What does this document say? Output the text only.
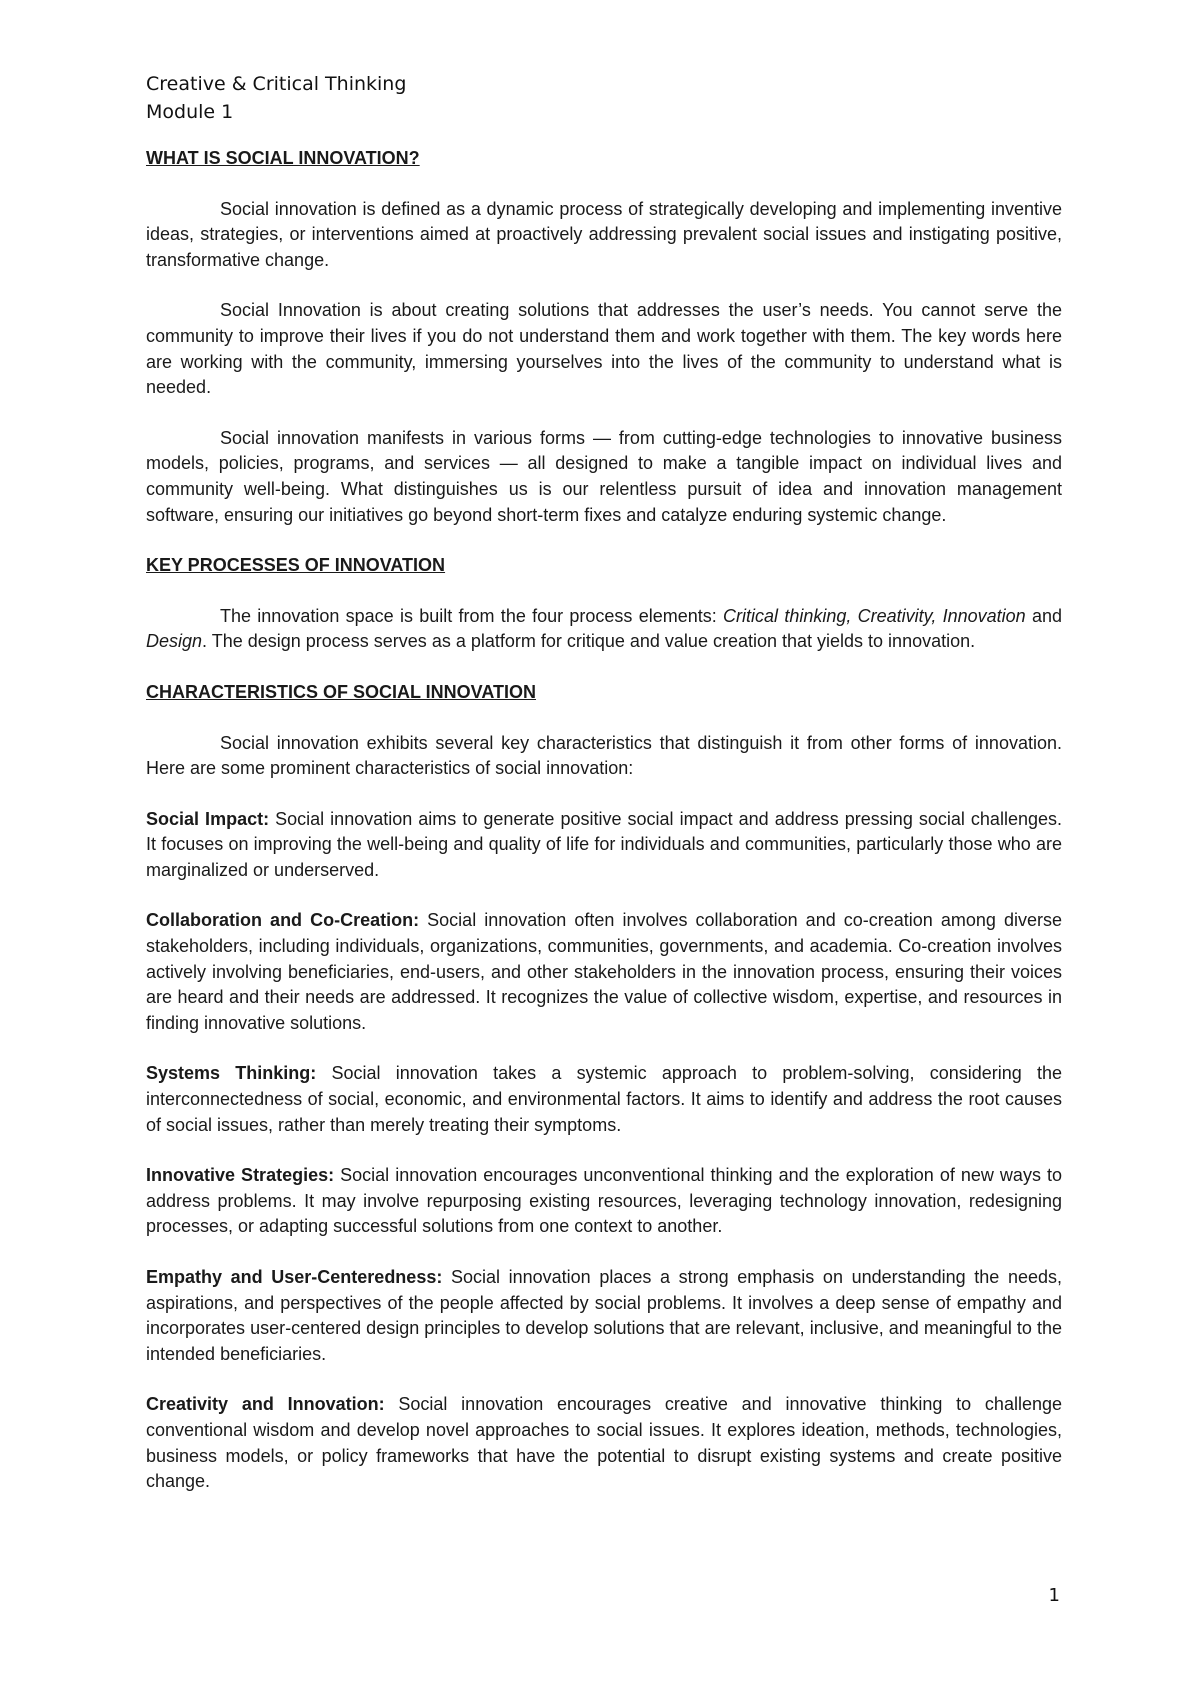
Creative & Critical Thinking
Module 1
WHAT IS SOCIAL INNOVATION?

Social innovation is defined as a dynamic process of strategically developing and implementing inventive ideas, strategies, or interventions aimed at proactively addressing prevalent social issues and instigating positive, transformative change.

Social Innovation is about creating solutions that addresses the user’s needs. You cannot serve the community to improve their lives if you do not understand them and work together with them. The key words here are working with the community, immersing yourselves into the lives of the community to understand what is needed.

Social innovation manifests in various forms — from cutting-edge technologies to innovative business models, policies, programs, and services — all designed to make a tangible impact on individual lives and community well-being. What distinguishes us is our relentless pursuit of idea and innovation management software, ensuring our initiatives go beyond short-term fixes and catalyze enduring systemic change.

KEY PROCESSES OF INNOVATION

The innovation space is built from the four process elements: Critical thinking, Creativity, Innovation and Design. The design process serves as a platform for critique and value creation that yields to innovation.

CHARACTERISTICS OF SOCIAL INNOVATION

Social innovation exhibits several key characteristics that distinguish it from other forms of innovation. Here are some prominent characteristics of social innovation:

Social Impact: Social innovation aims to generate positive social impact and address pressing social challenges. It focuses on improving the well-being and quality of life for individuals and communities, particularly those who are marginalized or underserved.

Collaboration and Co-Creation: Social innovation often involves collaboration and co-creation among diverse stakeholders, including individuals, organizations, communities, governments, and academia. Co-creation involves actively involving beneficiaries, end-users, and other stakeholders in the innovation process, ensuring their voices are heard and their needs are addressed. It recognizes the value of collective wisdom, expertise, and resources in finding innovative solutions.

Systems Thinking: Social innovation takes a systemic approach to problem-solving, considering the interconnectedness of social, economic, and environmental factors. It aims to identify and address the root causes of social issues, rather than merely treating their symptoms.

Innovative Strategies: Social innovation encourages unconventional thinking and the exploration of new ways to address problems. It may involve repurposing existing resources, leveraging technology innovation, redesigning processes, or adapting successful solutions from one context to another.

Empathy and User-Centeredness: Social innovation places a strong emphasis on understanding the needs, aspirations, and perspectives of the people affected by social problems. It involves a deep sense of empathy and incorporates user-centered design principles to develop solutions that are relevant, inclusive, and meaningful to the intended beneficiaries.

Creativity and Innovation: Social innovation encourages creative and innovative thinking to challenge conventional wisdom and develop novel approaches to social issues. It explores ideation, methods, technologies, business models, or policy frameworks that have the potential to disrupt existing systems and create positive change.

1
